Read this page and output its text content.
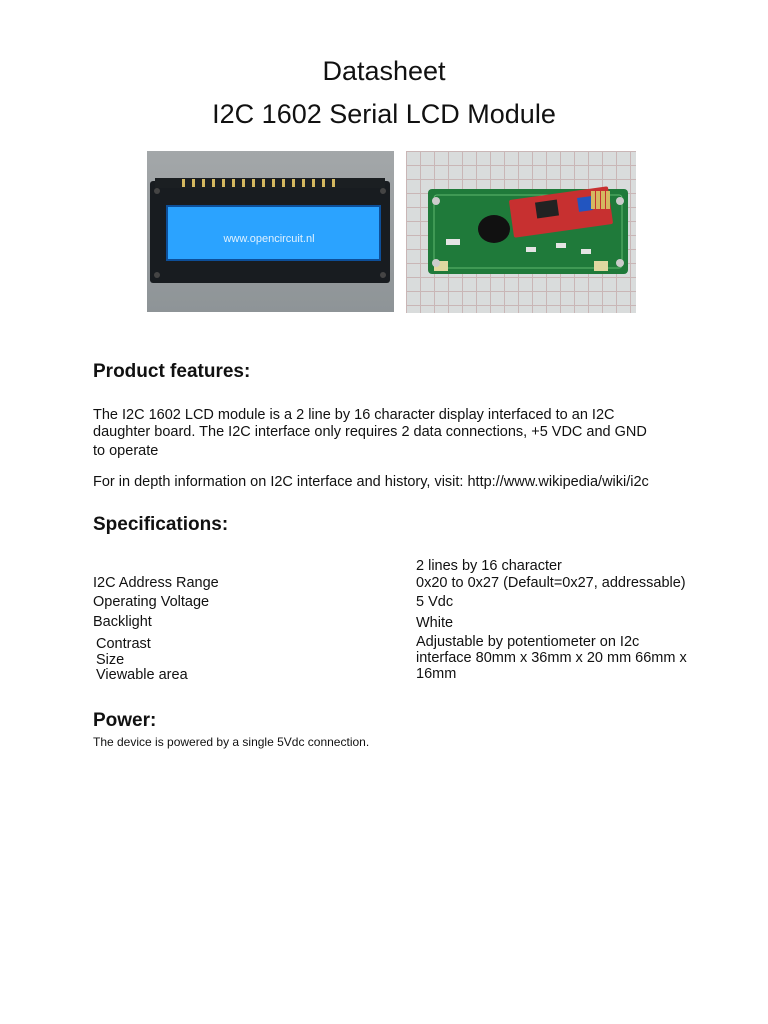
Datasheet
I2C 1602 Serial LCD Module
www.opencircuit.nl
Product features:
The I2C 1602 LCD module is a 2 line by 16 character display interfaced to an I2C
daughter board. The I2C interface only requires 2 data connections, +5 VDC and GND
to operate
For in depth information on I2C interface and history, visit: http://www.wikipedia/wiki/i2c
Specifications:
I2C Address Range
Operating Voltage
Backlight
Contrast
Size
Viewable area
2 lines by 16 character
0x20 to 0x27 (Default=0x27, addressable)
5 Vdc
White
Adjustable by potentiometer on I2c
interface 80mm x 36mm x 20 mm 66mm x
16mm
Power:
The device is powered by a single 5Vdc connection.
